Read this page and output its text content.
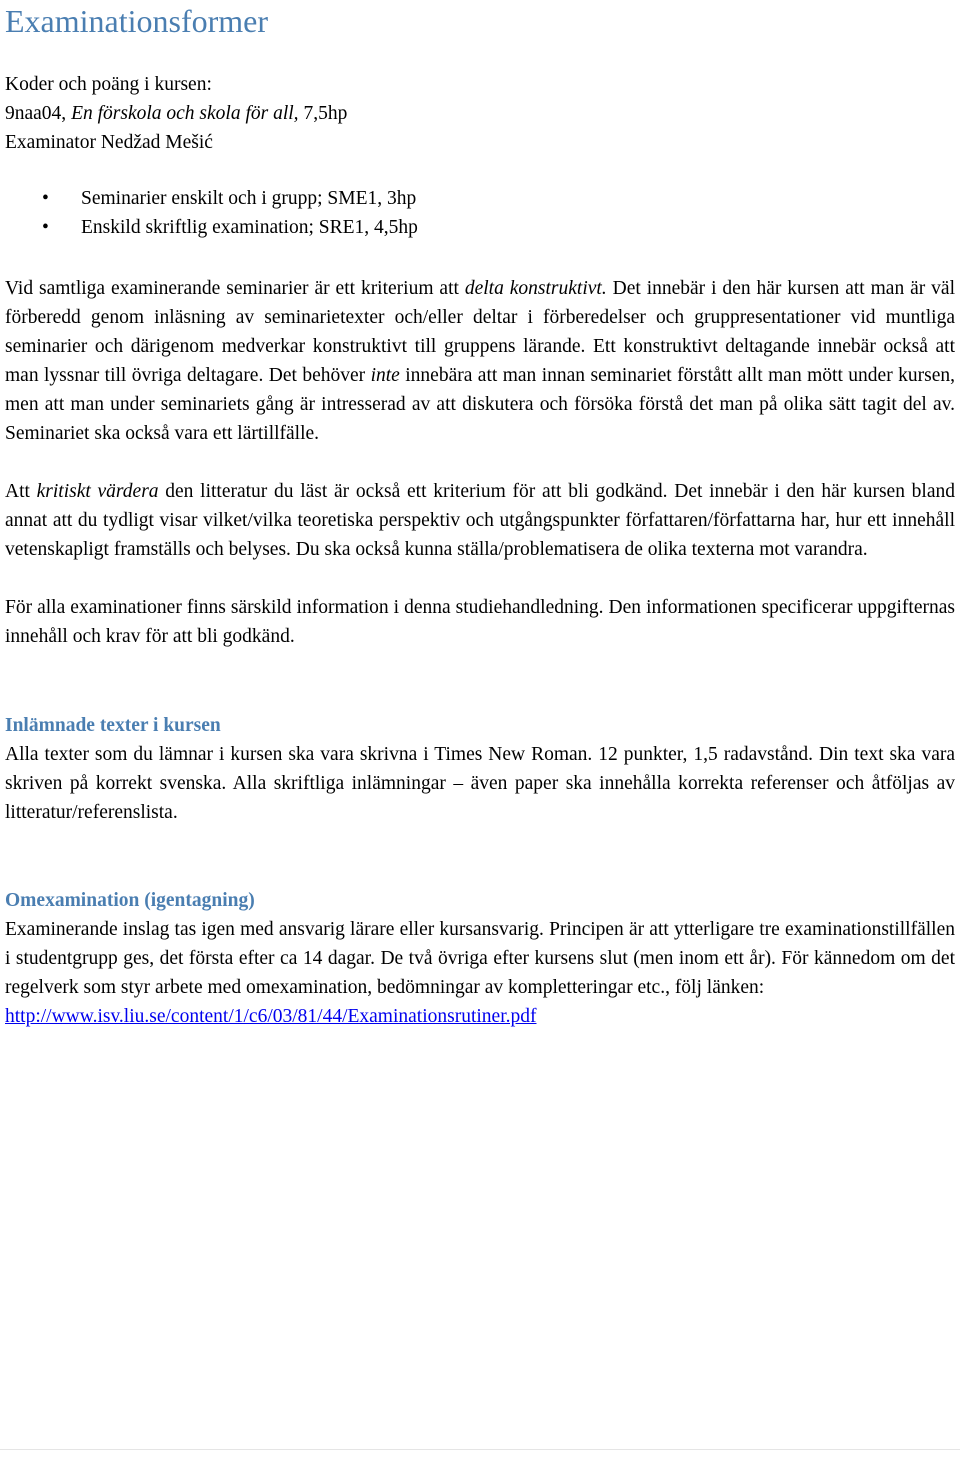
Examinationsformer
Koder och poäng i kursen:
9naa04, En förskola och skola för all, 7,5hp
Examinator Nedžad Mešić
• Seminarier enskilt och i grupp; SME1, 3hp
• Enskild skriftlig examination; SRE1, 4,5hp

Vid samtliga examinerande seminarier är ett kriterium att delta konstruktivt. Det innebär i den här kursen att man är väl förberedd genom inläsning av seminarietexter och/eller deltar i förberedelser och gruppresentationer vid muntliga seminarier och därigenom medverkar konstruktivt till gruppens lärande. Ett konstruktivt deltagande innebär också att man lyssnar till övriga deltagare. Det behöver inte innebära att man innan seminariet förstått allt man mött under kursen, men att man under seminariets gång är intresserad av att diskutera och försöka förstå det man på olika sätt tagit del av. Seminariet ska också vara ett lärtillfälle.

Att kritiskt värdera den litteratur du läst är också ett kriterium för att bli godkänd. Det innebär i den här kursen bland annat att du tydligt visar vilket/vilka teoretiska perspektiv och utgångspunkter författaren/författarna har, hur ett innehåll vetenskapligt framställs och belyses. Du ska också kunna ställa/problematisera de olika texterna mot varandra.

För alla examinationer finns särskild information i denna studiehandledning. Den informationen specificerar uppgifternas innehåll och krav för att bli godkänd.

Inlämnade texter i kursen

Alla texter som du lämnar i kursen ska vara skrivna i Times New Roman. 12 punkter, 1,5 radavstånd. Din text ska vara skriven på korrekt svenska. Alla skriftliga inlämningar – även paper ska innehålla korrekta referenser och åtföljas av litteratur/referenslista.

Omexamination (igentagning)

Examinerande inslag tas igen med ansvarig lärare eller kursansvarig. Principen är att ytterligare tre examinationstillfällen i studentgrupp ges, det första efter ca 14 dagar. De två övriga efter kursens slut (men inom ett år). För kännedom om det regelverk som styr arbete med omexamination, bedömningar av kompletteringar etc., följ länken:
http://www.isv.liu.se/content/1/c6/03/81/44/Examinationsrutiner.pdf
